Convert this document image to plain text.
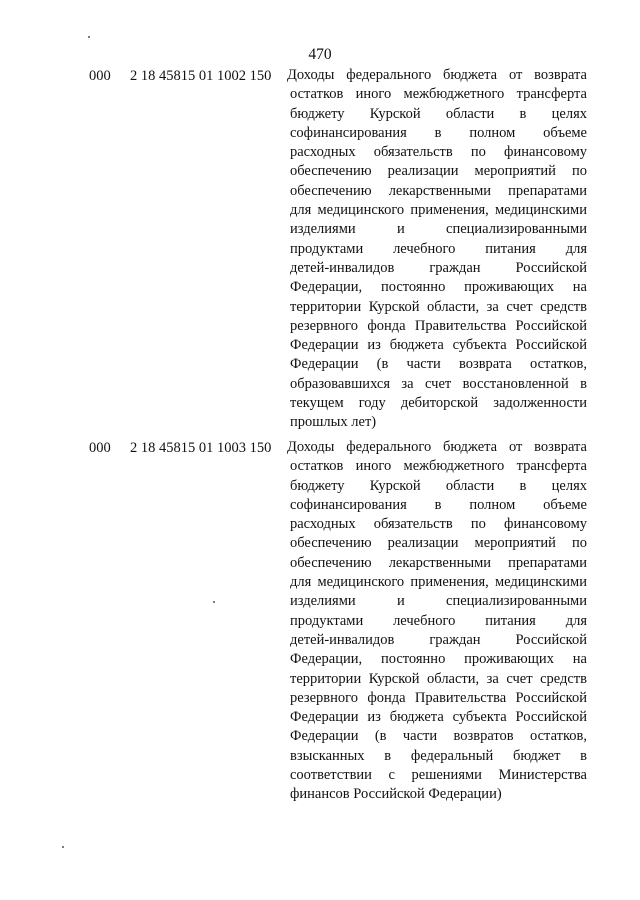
470
000 2 18 45815 01 1002 150 Доходы федерального бюджета от возврата
остатков иного межбюджетного трансферта
бюджету Курской области в целях
софинансирования в полном объеме
расходных обязательств по финансовому
обеспечению реализации мероприятий по
обеспечению лекарственными препаратами
для медицинского применения, медицинскими
изделиями и специализированными
продуктами лечебного питания для
детей-инвалидов граждан Российской
Федерации, постоянно проживающих на
территории Курской области, за счет средств
резервного фонда Правительства Российской
Федерации из бюджета субъекта Российской
Федерации (в части возврата остатков,
образовавшихся за счет восстановленной в
текущем году дебиторской задолженности
прошлых лет)
000 2 18 45815 01 1003 150 Доходы федерального бюджета от возврата
остатков иного межбюджетного трансферта
бюджету Курской области в целях
софинансирования в полном объеме
расходных обязательств по финансовому
обеспечению реализации мероприятий по
обеспечению лекарственными препаратами
для медицинского применения, медицинскими
изделиями и специализированными
продуктами лечебного питания для
детей-инвалидов граждан Российской
Федерации, постоянно проживающих на
территории Курской области, за счет средств
резервного фонда Правительства Российской
Федерации из бюджета субъекта Российской
Федерации (в части возвратов остатков,
взысканных в федеральный бюджет в
соответствии с решениями Министерства
финансов Российской Федерации)
